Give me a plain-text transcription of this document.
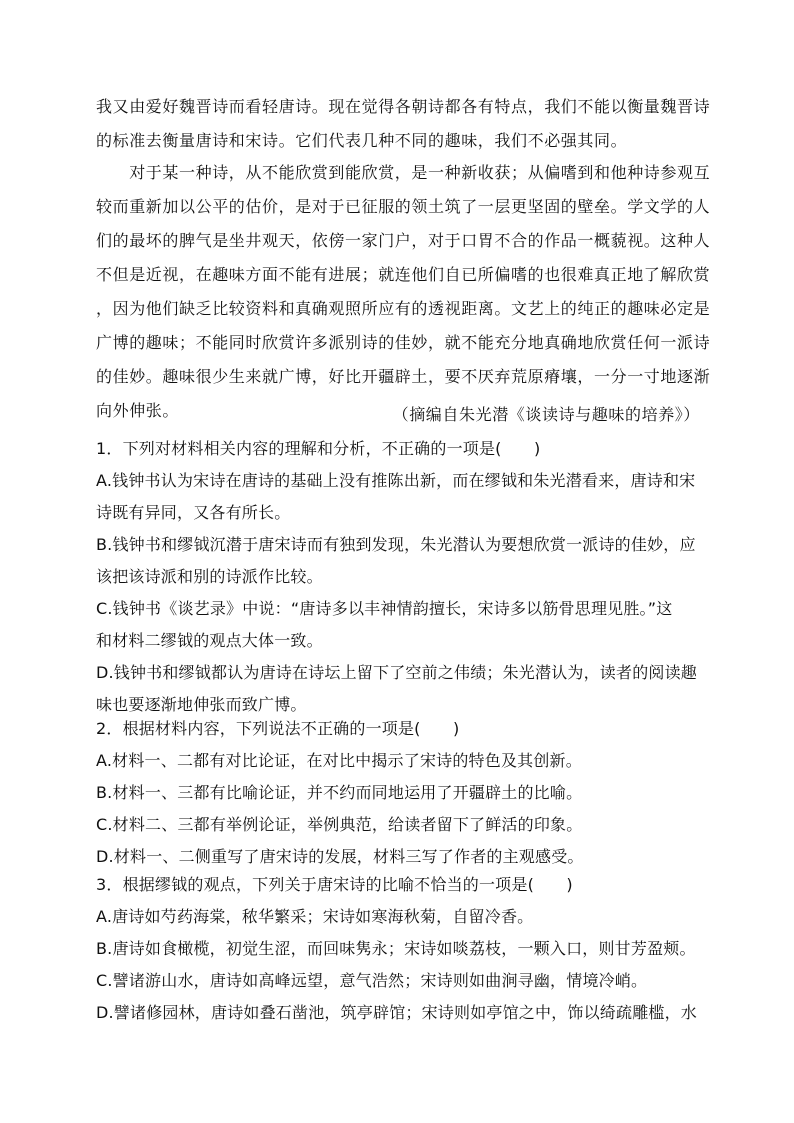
我又由爱好魏晋诗而看轻唐诗。现在觉得各朝诗都各有特点，我们不能以衡量魏晋诗
的标准去衡量唐诗和宋诗。它们代表几种不同的趣味，我们不必强其同。
　　对于某一种诗，从不能欣赏到能欣赏，是一种新收获；从偏嗜到和他种诗参观互
较而重新加以公平的估价，是对于已征服的领土筑了一层更坚固的壁垒。学文学的人
们的最坏的脾气是坐井观天，依傍一家门户，对于口胃不合的作品一概藐视。这种人
不但是近视，在趣味方面不能有进展；就连他们自已所偏嗜的也很难真正地了解欣赏
，因为他们缺乏比较资料和真确观照所应有的透视距离。文艺上的纯正的趣味必定是
广博的趣味；不能同时欣赏许多派别诗的佳妙，就不能充分地真确地欣赏任何一派诗
的佳妙。趣味很少生来就广博，好比开疆辟土，要不厌弃荒原瘠壤，一分一寸地逐渐
向外伸张。	（摘编自朱光潜《谈读诗与趣味的培养》）
1．下列对材料相关内容的理解和分析，不正确的一项是(　　)
A.钱钟书认为宋诗在唐诗的基础上没有推陈出新，而在缪钺和朱光潜看来，唐诗和宋
诗既有异同，又各有所长。
B.钱钟书和缪钺沉潜于唐宋诗而有独到发现，朱光潜认为要想欣赏一派诗的佳妙，应
该把该诗派和别的诗派作比较。
C.钱钟书《谈艺录》中说：“唐诗多以丰神情韵擅长，宋诗多以筋骨思理见胜。”这
和材料二缪钺的观点大体一致。
D.钱钟书和缪钺都认为唐诗在诗坛上留下了空前之伟绩；朱光潜认为，读者的阅读趣
味也要逐渐地伸张而致广博。
2．根据材料内容，下列说法不正确的一项是(　　)
A.材料一、二都有对比论证，在对比中揭示了宋诗的特色及其创新。
B.材料一、三都有比喻论证，并不约而同地运用了开疆辟土的比喻。
C.材料二、三都有举例论证，举例典范，给读者留下了鲜活的印象。
D.材料一、二侧重写了唐宋诗的发展，材料三写了作者的主观感受。
3．根据缪钺的观点，下列关于唐宋诗的比喻不恰当的一项是(　　)
A.唐诗如芍药海棠，秾华繁采；宋诗如寒海秋菊，自留冷香。
B.唐诗如食橄榄，初觉生涩，而回味隽永；宋诗如啖荔枝，一颗入口，则甘芳盈颊。
C.譬诸游山水，唐诗如高峰远望，意气浩然；宋诗则如曲涧寻幽，情境冷峭。
D.譬诸修园林，唐诗如叠石凿池，筑亭辟馆；宋诗则如亭馆之中，饰以绮疏雕槛，水
